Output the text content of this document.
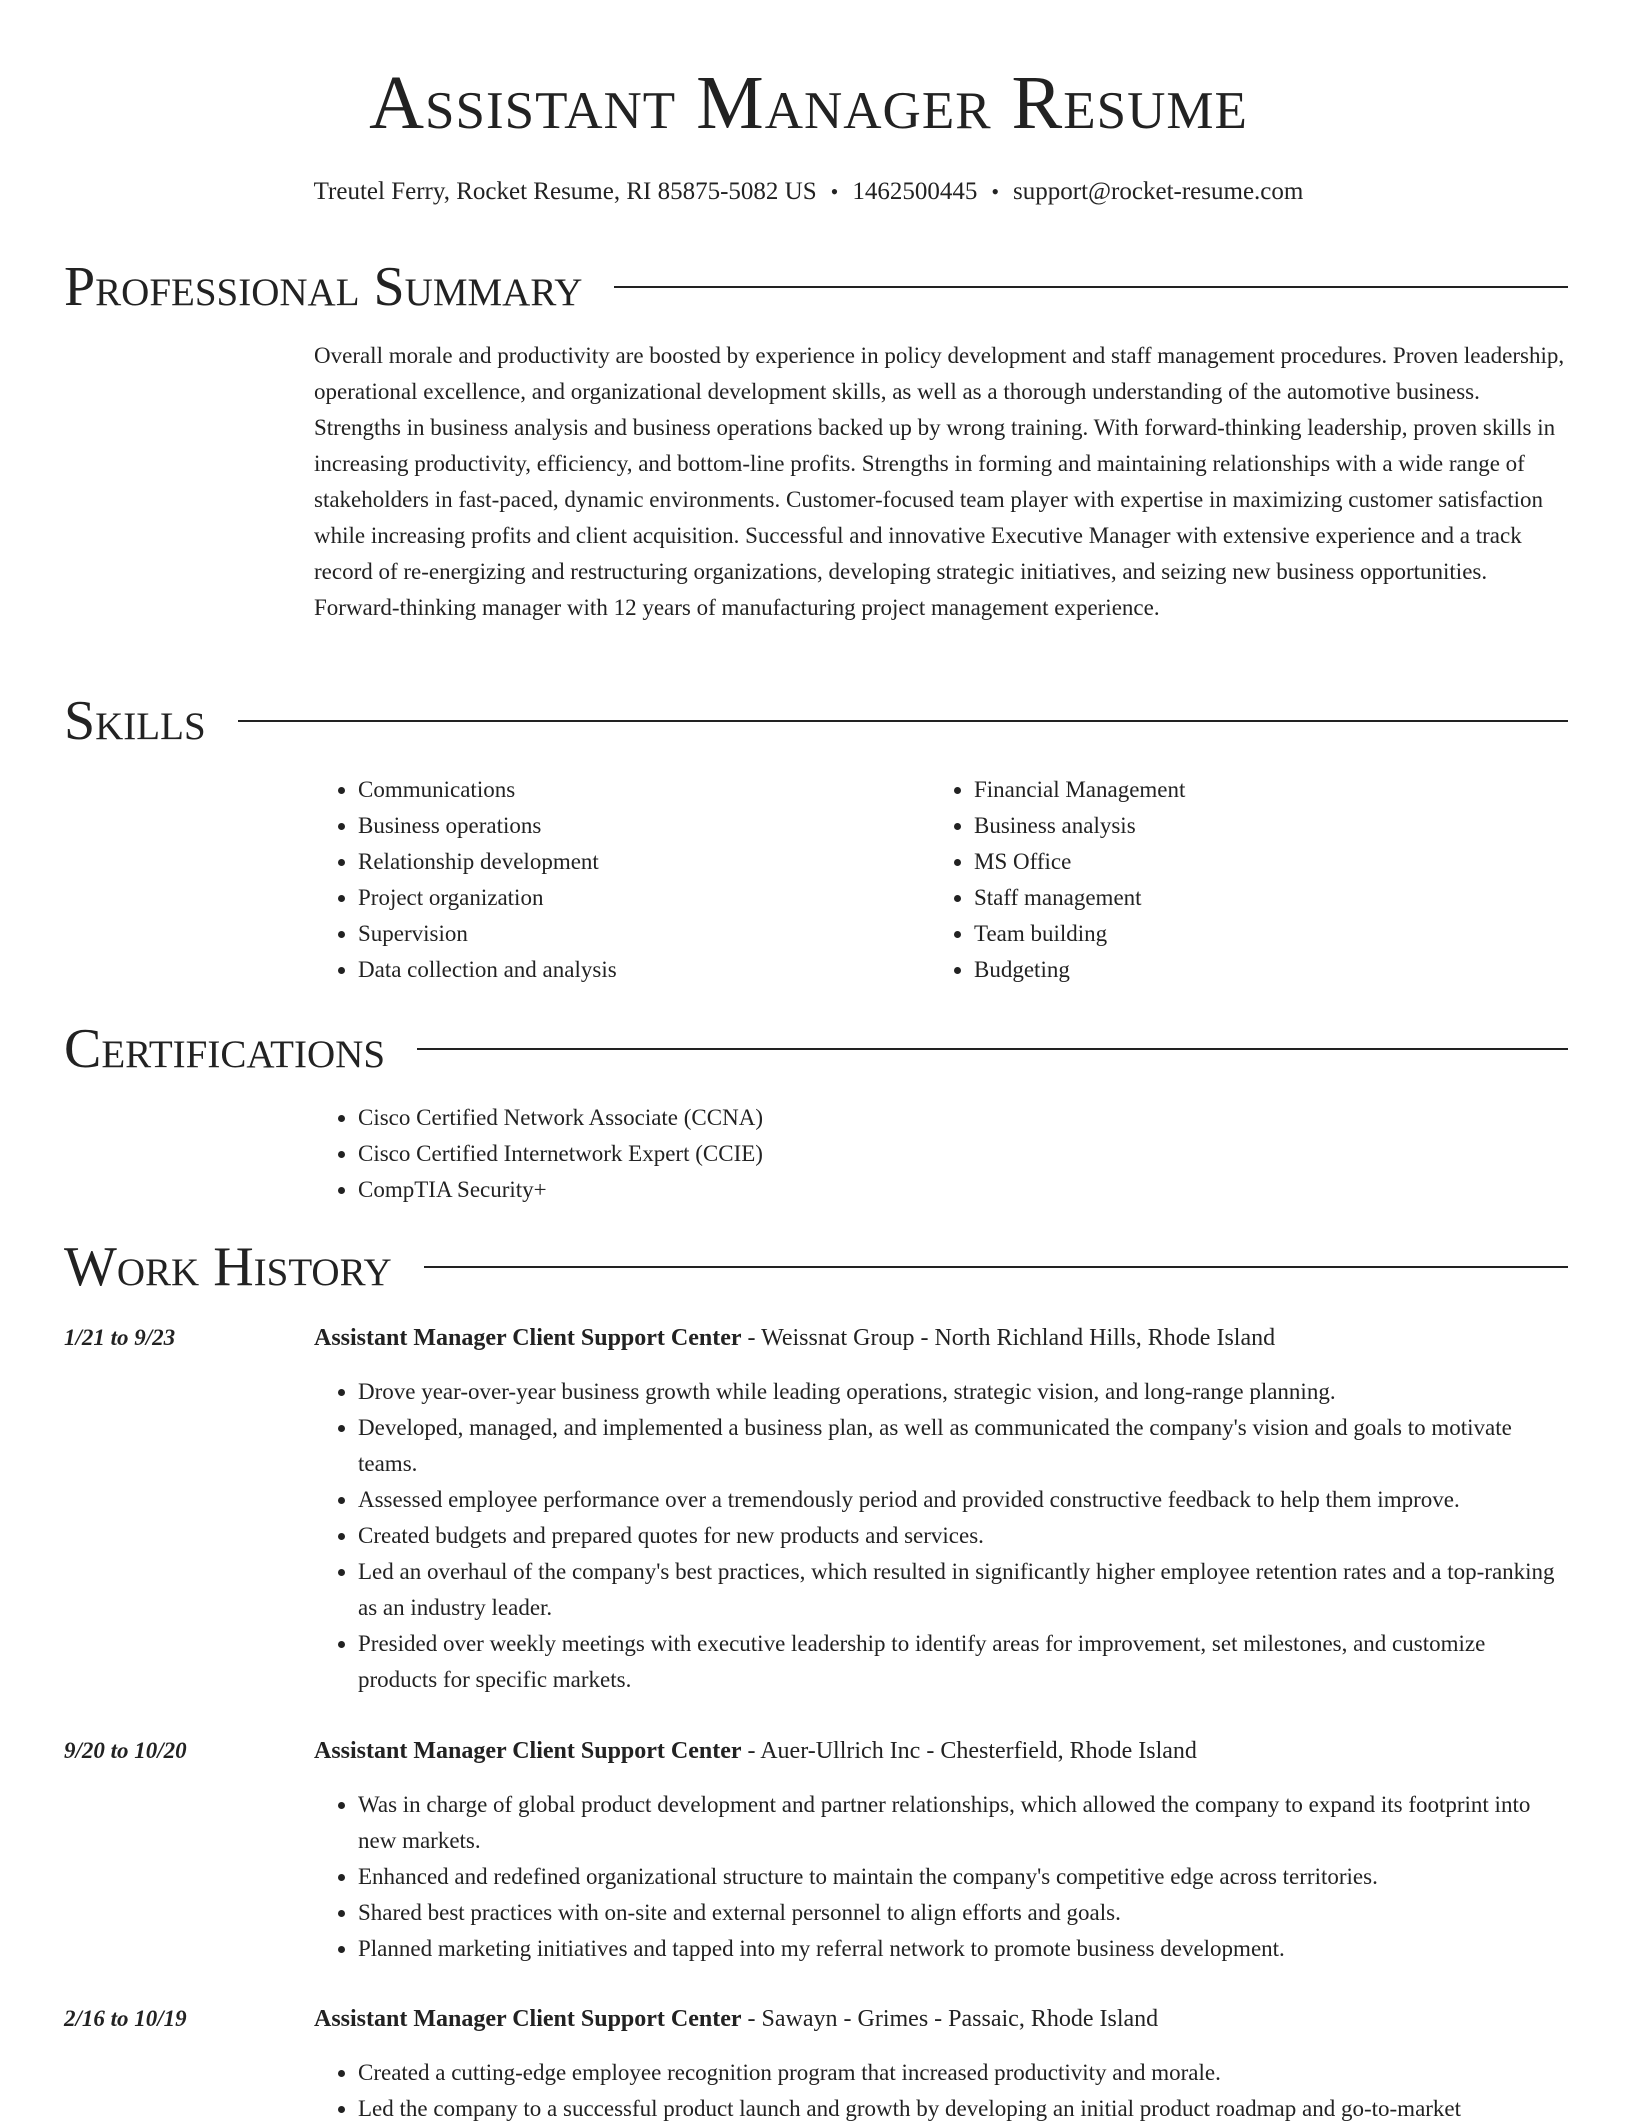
Assistant Manager Resume
Treutel Ferry, Rocket Resume, RI 85875-5082 US • 1462500445 • support@rocket-resume.com
Professional Summary

Overall morale and productivity are boosted by experience in policy development and staff management procedures. Proven leadership, operational excellence, and organizational development skills, as well as a thorough understanding of the automotive business. Strengths in business analysis and business operations backed up by wrong training. With forward-thinking leadership, proven skills in increasing productivity, efficiency, and bottom-line profits. Strengths in forming and maintaining relationships with a wide range of stakeholders in fast-paced, dynamic environments. Customer-focused team player with expertise in maximizing customer satisfaction while increasing profits and client acquisition. Successful and innovative Executive Manager with extensive experience and a track record of re-energizing and restructuring organizations, developing strategic initiatives, and seizing new business opportunities. Forward-thinking manager with 12 years of manufacturing project management experience.

Skills
• Communications
• Business operations
• Relationship development
• Project organization
• Supervision
• Data collection and analysis
• Financial Management
• Business analysis
• MS Office
• Staff management
• Team building
• Budgeting
Certifications
• Cisco Certified Network Associate (CCNA)
• Cisco Certified Internetwork Expert (CCIE)
• CompTIA Security+
Work History
1/21 to 9/23	Assistant Manager Client Support Center - Weissnat Group - North Richland Hills, Rhode Island
• Drove year-over-year business growth while leading operations, strategic vision, and long-range planning.
• Developed, managed, and implemented a business plan, as well as communicated the company's vision and goals to motivate teams.
• Assessed employee performance over a tremendously period and provided constructive feedback to help them improve.
• Created budgets and prepared quotes for new products and services.
• Led an overhaul of the company's best practices, which resulted in significantly higher employee retention rates and a top-ranking as an industry leader.
• Presided over weekly meetings with executive leadership to identify areas for improvement, set milestones, and customize products for specific markets.
9/20 to 10/20	Assistant Manager Client Support Center - Auer-Ullrich Inc - Chesterfield, Rhode Island
• Was in charge of global product development and partner relationships, which allowed the company to expand its footprint into new markets.
• Enhanced and redefined organizational structure to maintain the company's competitive edge across territories.
• Shared best practices with on-site and external personnel to align efforts and goals.
• Planned marketing initiatives and tapped into my referral network to promote business development.
2/16 to 10/19	Assistant Manager Client Support Center - Sawayn - Grimes - Passaic, Rhode Island
• Created a cutting-edge employee recognition program that increased productivity and morale.
• Led the company to a successful product launch and growth by developing an initial product roadmap and go-to-market
